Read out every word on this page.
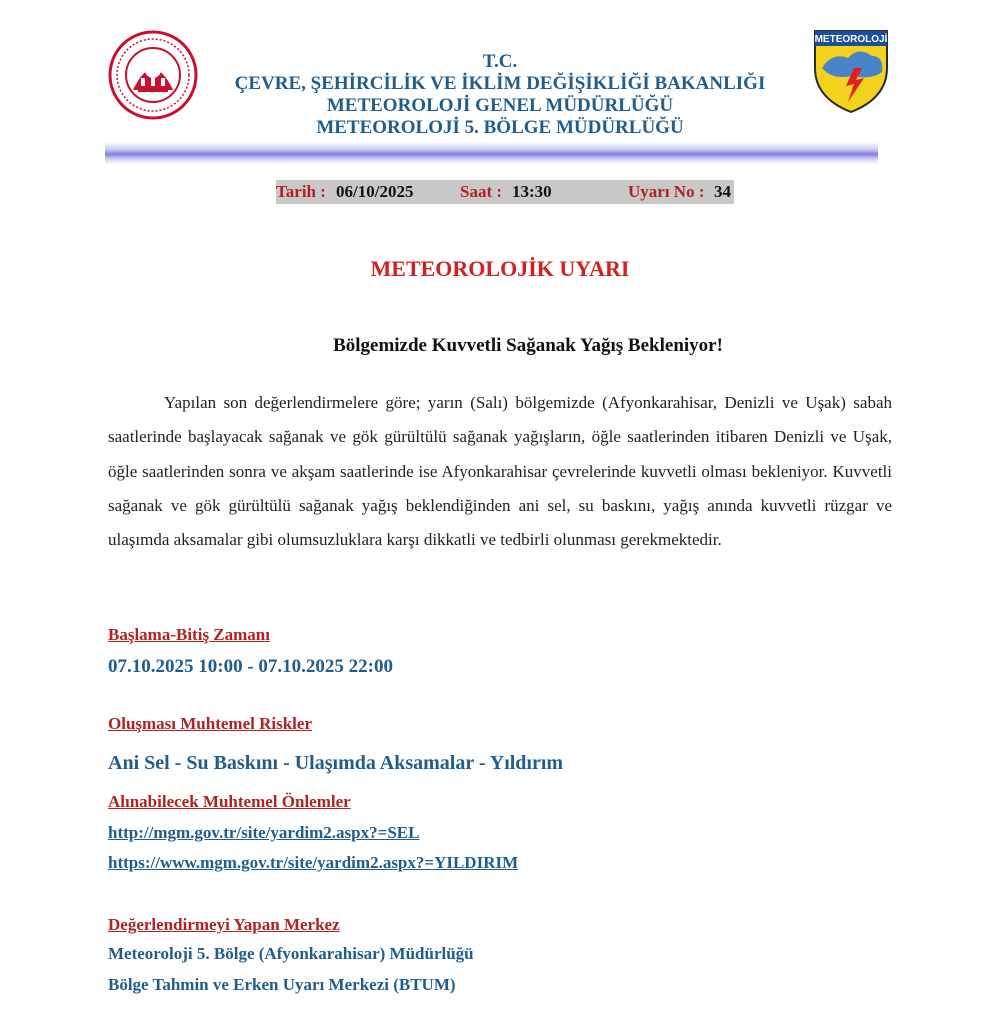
T.C.
ÇEVRE, ŞEHİRCİLİK VE İKLİM DEĞİŞİKLİĞİ BAKANLIĞI
METEOROLOJİ GENEL MÜDÜRLÜĞÜ
METEOROLOJİ 5. BÖLGE MÜDÜRLÜĞÜ
METEOROLOJİ
Tarih : 06/10/2025	Saat : 13:30	Uyarı No : 34
METEOROLOJİK UYARI
Bölgemizde Kuvvetli Sağanak Yağış Bekleniyor!
Yapılan son değerlendirmelere göre; yarın (Salı) bölgemizde (Afyonkarahisar, Denizli ve Uşak) sabah saatlerinde başlayacak sağanak ve gök gürültülü sağanak yağışların, öğle saatlerinden itibaren Denizli ve Uşak, öğle saatlerinden sonra ve akşam saatlerinde ise Afyonkarahisar çevrelerinde kuvvetli olması bekleniyor. Kuvvetli sağanak ve gök gürültülü sağanak yağış beklendiğinden ani sel, su baskını, yağış anında kuvvetli rüzgar ve ulaşımda aksamalar gibi olumsuzluklara karşı dikkatli ve tedbirli olunması gerekmektedir.
Başlama-Bitiş Zamanı
07.10.2025 10:00 - 07.10.2025 22:00
Oluşması Muhtemel Riskler
Ani Sel - Su Baskını - Ulaşımda Aksamalar - Yıldırım
Alınabilecek Muhtemel Önlemler
http://mgm.gov.tr/site/yardim2.aspx?=SEL
https://www.mgm.gov.tr/site/yardim2.aspx?=YILDIRIM
Değerlendirmeyi Yapan Merkez
Meteoroloji 5. Bölge (Afyonkarahisar) Müdürlüğü
Bölge Tahmin ve Erken Uyarı Merkezi (BTUM)
